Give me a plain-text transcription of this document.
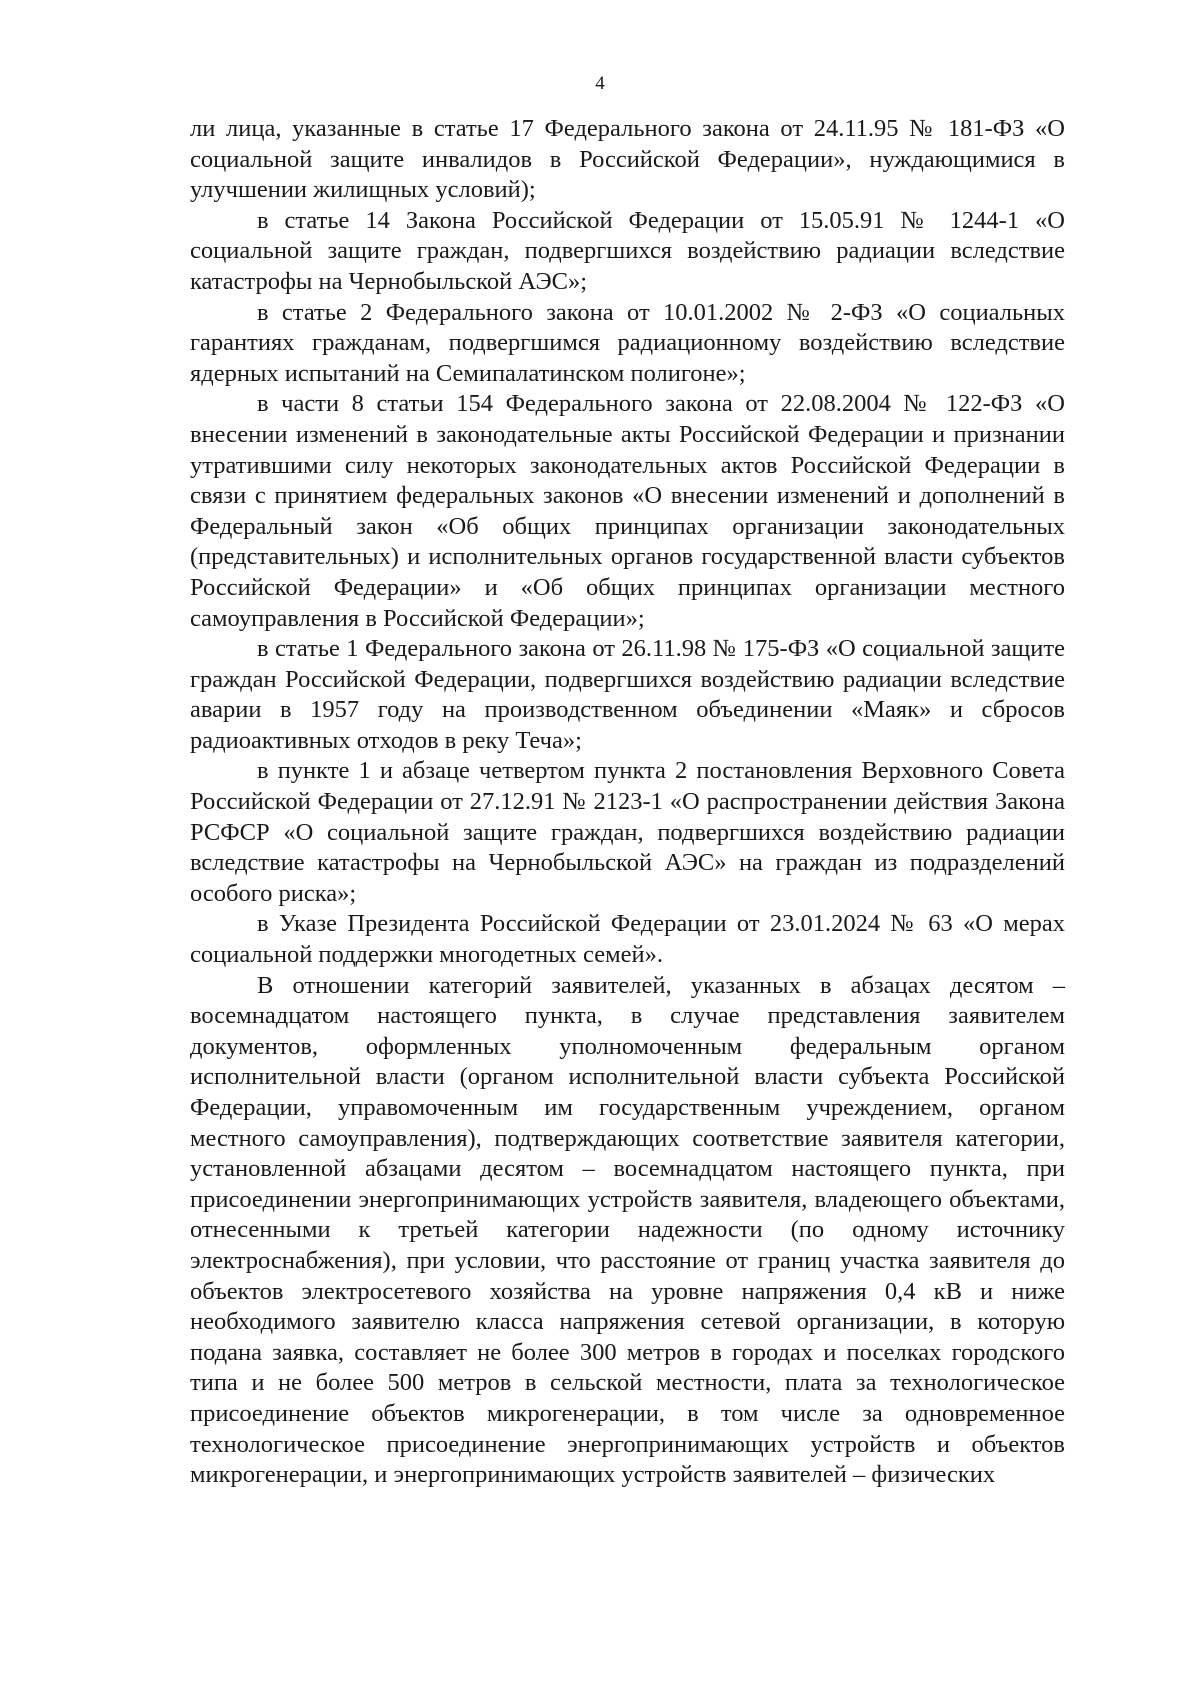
4

ли лица, указанные в статье 17 Федерального закона от 24.11.95 № 181-ФЗ «О социальной защите инвалидов в Российской Федерации», нуждающимися в улучшении жилищных условий);

в статье 14 Закона Российской Федерации от 15.05.91 № 1244-1 «О социальной защите граждан, подвергшихся воздействию радиации вследствие катастрофы на Чернобыльской АЭС»;

в статье 2 Федерального закона от 10.01.2002 № 2-ФЗ «О социальных гарантиях гражданам, подвергшимся радиационному воздействию вследствие ядерных испытаний на Семипалатинском полигоне»;

в части 8 статьи 154 Федерального закона от 22.08.2004 № 122-ФЗ «О внесении изменений в законодательные акты Российской Федерации и признании утратившими силу некоторых законодательных актов Российской Федерации в связи с принятием федеральных законов «О внесении изменений и дополнений в Федеральный закон «Об общих принципах организации законодательных (представительных) и исполнительных органов государственной власти субъектов Российской Федерации» и «Об общих принципах организации местного самоуправления в Российской Федерации»;

в статье 1 Федерального закона от 26.11.98 № 175-ФЗ «О социальной защите граждан Российской Федерации, подвергшихся воздействию радиации вследствие аварии в 1957 году на производственном объединении «Маяк» и сбросов радиоактивных отходов в реку Теча»;

в пункте 1 и абзаце четвертом пункта 2 постановления Верховного Совета Российской Федерации от 27.12.91 № 2123-1 «О распространении действия Закона РСФСР «О социальной защите граждан, подвергшихся воздействию радиации вследствие катастрофы на Чернобыльской АЭС» на граждан из подразделений особого риска»;

в Указе Президента Российской Федерации от 23.01.2024 № 63 «О мерах социальной поддержки многодетных семей».

В отношении категорий заявителей, указанных в абзацах десятом – восемнадцатом настоящего пункта, в случае представления заявителем документов, оформленных уполномоченным федеральным органом исполнительной власти (органом исполнительной власти субъекта Российской Федерации, управомоченным им государственным учреждением, органом местного самоуправления), подтверждающих соответствие заявителя категории, установленной абзацами десятом – восемнадцатом настоящего пункта, при присоединении энергопринимающих устройств заявителя, владеющего объектами, отнесенными к третьей категории надежности (по одному источнику электроснабжения), при условии, что расстояние от границ участка заявителя до объектов электросетевого хозяйства на уровне напряжения 0,4 кВ и ниже необходимого заявителю класса напряжения сетевой организации, в которую подана заявка, составляет не более 300 метров в городах и поселках городского типа и не более 500 метров в сельской местности, плата за технологическое присоединение объектов микрогенерации, в том числе за одновременное технологическое присоединение энергопринимающих устройств и объектов микрогенерации, и энергопринимающих устройств заявителей – физических
